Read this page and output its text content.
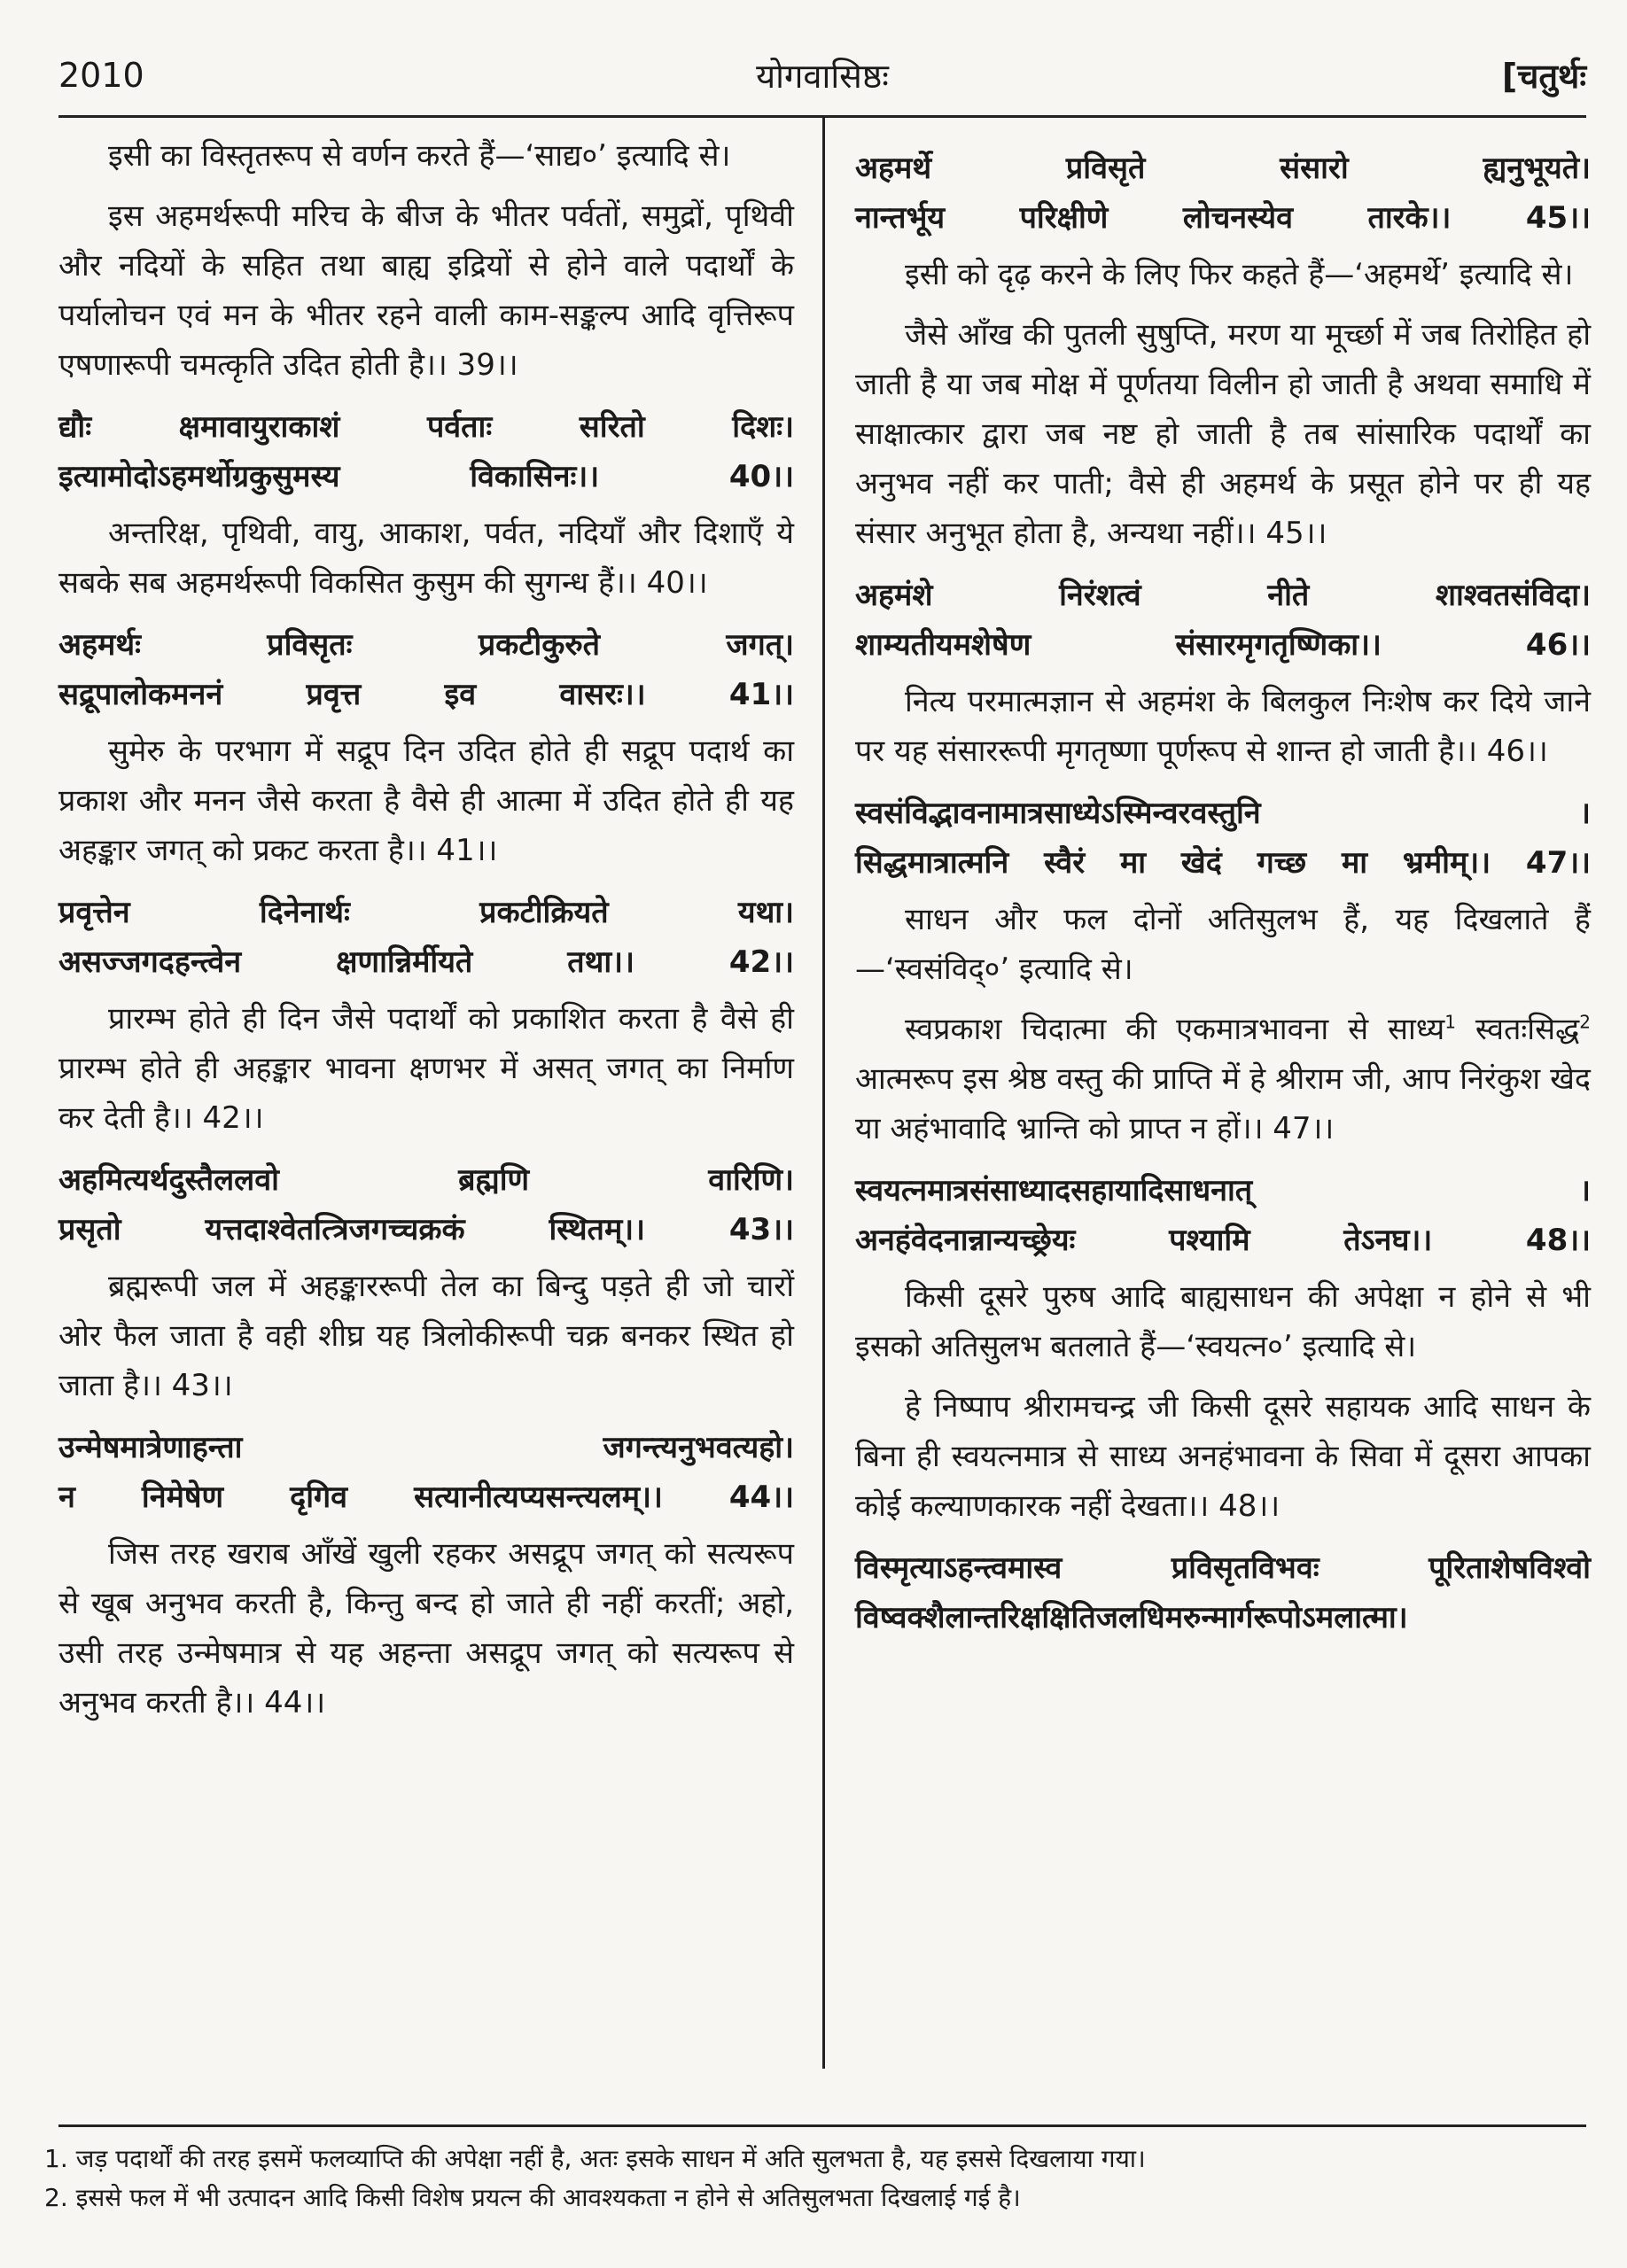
2010	योगवासिष्ठः	[चतुर्थः

इसी का विस्तृतरूप से वर्णन करते हैं—‘साद्य०’ इत्यादि से।

इस अहमर्थरूपी मरिच के बीज के भीतर पर्वतों, समुद्रों, पृथिवी और नदियों के सहित तथा बाह्य इद्रियों से होने वाले पदार्थों के पर्यालोचन एवं मन के भीतर रहने वाली काम-सङ्कल्प आदि वृत्तिरूप एषणारूपी चमत्कृति उदित होती है।। 39।।

द्यौः क्षमावायुराकाशं पर्वताः सरितो दिशः।
इत्यामोदोऽहमर्थोग्रकुसुमस्य विकासिनः।। 40।।

अन्तरिक्ष, पृथिवी, वायु, आकाश, पर्वत, नदियाँ और दिशाएँ ये सबके सब अहमर्थरूपी विकसित कुसुम की सुगन्ध हैं।। 40।।

अहमर्थः प्रविसृतः प्रकटीकुरुते जगत्।
सद्रूपालोकमननं प्रवृत्त इव वासरः।। 41।।

सुमेरु के परभाग में सद्रूप दिन उदित होते ही सद्रूप पदार्थ का प्रकाश और मनन जैसे करता है वैसे ही आत्मा में उदित होते ही यह अहङ्कार जगत् को प्रकट करता है।। 41।।

प्रवृत्तेन दिनेनार्थः प्रकटीक्रियते यथा।
असज्जगदहन्त्वेन क्षणान्निर्मीयते तथा।। 42।।

प्रारम्भ होते ही दिन जैसे पदार्थों को प्रकाशित करता है वैसे ही प्रारम्भ होते ही अहङ्कार भावना क्षणभर में असत् जगत् का निर्माण कर देती है।। 42।।

अहमित्यर्थदुस्तैललवो ब्रह्मणि वारिणि।
प्रसृतो यत्तदाश्वेतत्त्रिजगच्चक्रकं स्थितम्।। 43।।

ब्रह्मरूपी जल में अहङ्काररूपी तेल का बिन्दु पड़ते ही जो चारों ओर फैल जाता है वही शीघ्र यह त्रिलोकीरूपी चक्र बनकर स्थित हो जाता है।। 43।।

उन्मेषमात्रेणाहन्ता जगन्त्यनुभवत्यहो।
न निमेषेण दृगिव सत्यानीत्यप्यसन्त्यलम्।। 44।।

जिस तरह खराब आँखें खुली रहकर असद्रूप जगत् को सत्यरूप से खूब अनुभव करती है, किन्तु बन्द हो जाते ही नहीं करतीं; अहो, उसी तरह उन्मेषमात्र से यह अहन्ता असद्रूप जगत् को सत्यरूप से अनुभव करती है।। 44।।

अहमर्थे प्रविसृते संसारो ह्यनुभूयते।
नान्तर्भूय परिक्षीणे लोचनस्येव तारके।। 45।।

इसी को दृढ़ करने के लिए फिर कहते हैं—‘अहमर्थे’ इत्यादि से।

जैसे आँख की पुतली सुषुप्ति, मरण या मूर्च्छा में जब तिरोहित हो जाती है या जब मोक्ष में पूर्णतया विलीन हो जाती है अथवा समाधि में साक्षात्कार द्वारा जब नष्ट हो जाती है तब सांसारिक पदार्थों का अनुभव नहीं कर पाती; वैसे ही अहमर्थ के प्रसूत होने पर ही यह संसार अनुभूत होता है, अन्यथा नहीं।। 45।।

अहमंशे निरंशत्वं नीते शाश्वतसंविदा।
शाम्यतीयमशेषेण संसारमृगतृष्णिका।। 46।।

नित्य परमात्मज्ञान से अहमंश के बिलकुल निःशेष कर दिये जाने पर यह संसाररूपी मृगतृष्णा पूर्णरूप से शान्त हो जाती है।। 46।।

स्वसंविद्भावनामात्रसाध्येऽस्मिन्वरवस्तुनि ।
सिद्धमात्रात्मनि स्वैरं मा खेदं गच्छ मा भ्रमीम्।। 47।।

साधन और फल दोनों अतिसुलभ हैं, यह दिखलाते हैं—‘स्वसंविद्०’ इत्यादि से।

स्वप्रकाश चिदात्मा की एकमात्रभावना से साध्य$^1$ स्वतःसिद्ध$^2$ आत्मरूप इस श्रेष्ठ वस्तु की प्राप्ति में हे श्रीराम जी, आप निरंकुश खेद या अहंभावादि भ्रान्ति को प्राप्त न हों।। 47।।

स्वयत्नमात्रसंसाध्यादसहायादिसाधनात् ।
अनहंवेदनान्नान्यच्छ्रेयः पश्यामि तेऽनघ।। 48।।

किसी दूसरे पुरुष आदि बाह्यसाधन की अपेक्षा न होने से भी इसको अतिसुलभ बतलाते हैं—‘स्वयत्न०’ इत्यादि से।

हे निष्पाप श्रीरामचन्द्र जी किसी दूसरे सहायक आदि साधन के बिना ही स्वयत्नमात्र से साध्य अनहंभावना के सिवा में दूसरा आपका कोई कल्याणकारक नहीं देखता।। 48।।

विस्मृत्याऽहन्त्वमास्व प्रविसृतविभवः पूरिताशेषविश्वो
विष्वक्शैलान्तरिक्षक्षितिजलधिमरुन्मार्गरूपोऽमलात्मा।
1. जड़ पदार्थों की तरह इसमें फलव्याप्ति की अपेक्षा नहीं है, अतः इसके साधन में अति सुलभता है, यह इससे दिखलाया गया।
2. इससे फल में भी उत्पादन आदि किसी विशेष प्रयत्न की आवश्यकता न होने से अतिसुलभता दिखलाई गई है।
